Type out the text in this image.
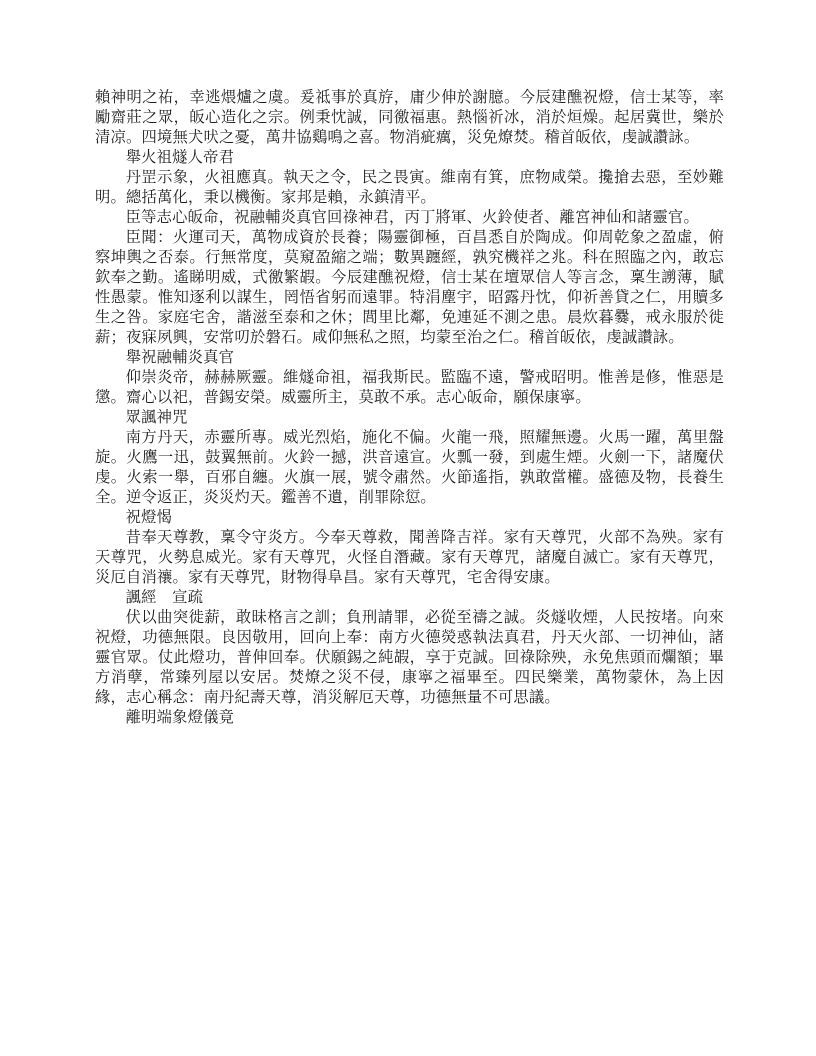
賴神明之祐，幸逃煨爐之虞。爰祗事於真斿，庸少伸於謝臆。今辰建醮祝燈，信士某等，率勵齋莊之眾，皈心造化之宗。例秉忱誠，同徼福惠。熱惱祈冰，消於烜燥。起居冀世，樂於清凉。四境無犬吠之憂，萬井協鷄鳴之喜。物消疵癘，災免燎焚。稽首皈依，虔誠讚詠。

舉火祖燧人帝君

丹罡示象，火祖應真。執天之令，民之畏寅。維南有箕，庶物咸榮。攙搶去惡，至妙難明。總括萬化，秉以機衡。家邦是賴，永鎮清平。

臣等志心皈命，祝融輔炎真官回祿神君，丙丁將軍、火鈴使者、離宮神仙和諸靈官。

臣聞：火運司天，萬物成資於長養；陽靈御極，百昌悉自於陶成。仰周乾象之盈虛，俯察坤輿之否泰。行無常度，莫窺盈縮之端；數異躔經，孰究機祥之兆。科在照臨之內，敢忘欽奉之勤。遙睇明威，式徼繁嘏。今辰建醮祝燈，信士某在壇眾信人等言念，稟生謭薄，賦性愚蒙。惟知逐利以謀生，罔悟省躬而遠罪。特涓塵宇，昭露丹忱，仰祈善貸之仁，用贖多生之咎。家庭宅舍，諧滋至泰和之休；閭里比鄰，免連延不測之患。晨炊暮爨，戒永服於徙薪；夜寐夙興，安常叨於磐石。咸仰無私之照，均蒙至治之仁。稽首皈依，虔誠讚詠。

舉祝融輔炎真官

仰崇炎帝，赫赫厥靈。維燧命祖，福我斯民。監臨不遠，警戒昭明。惟善是修，惟惡是懲。齋心以祀，普錫安榮。威靈所主，莫敢不承。志心皈命，願保康寧。

眾諷神咒

南方丹天，赤靈所專。威光烈焰，施化不偏。火龍一飛，照耀無邊。火馬一躍，萬里盤旋。火鷹一迅，鼓翼無前。火鈴一撼，洪音遠宣。火瓢一發，到處生煙。火劍一下，諸魔伏虔。火索一舉，百邪自纏。火旗一展，號令肅然。火節遙指，孰敢當權。盛德及物，長養生全。逆令返正，炎災灼天。鑑善不遺，削罪除愆。

祝燈愒

昔奉天尊教，稟令守炎方。今奉天尊救，聞善降吉祥。家有天尊咒，火部不為殃。家有天尊咒，火勢息威光。家有天尊咒，火怪自潛藏。家有天尊咒，諸魔自滅亡。家有天尊咒，災厄自消禳。家有天尊咒，財物得阜昌。家有天尊咒，宅舍得安康。

諷經　宣疏

伏以曲突徙薪，敢昧格言之訓；負刑請罪，必從至禱之誠。炎燧收煙，人民按堵。向來祝燈，功德無限。良因敬用，回向上奉：南方火德熒惑執法真君，丹天火部、一切神仙，諸靈官眾。仗此燈功，普伸回奉。伏願錫之純嘏，享于克誠。回祿除殃，永免焦頭而爛額；畢方消孽，常臻列屋以安居。焚燎之災不侵，康寧之福畢至。四民樂業，萬物蒙休，為上因緣，志心稱念：南丹紀壽天尊，消災解厄天尊，功德無量不可思議。

離明端象燈儀竟
